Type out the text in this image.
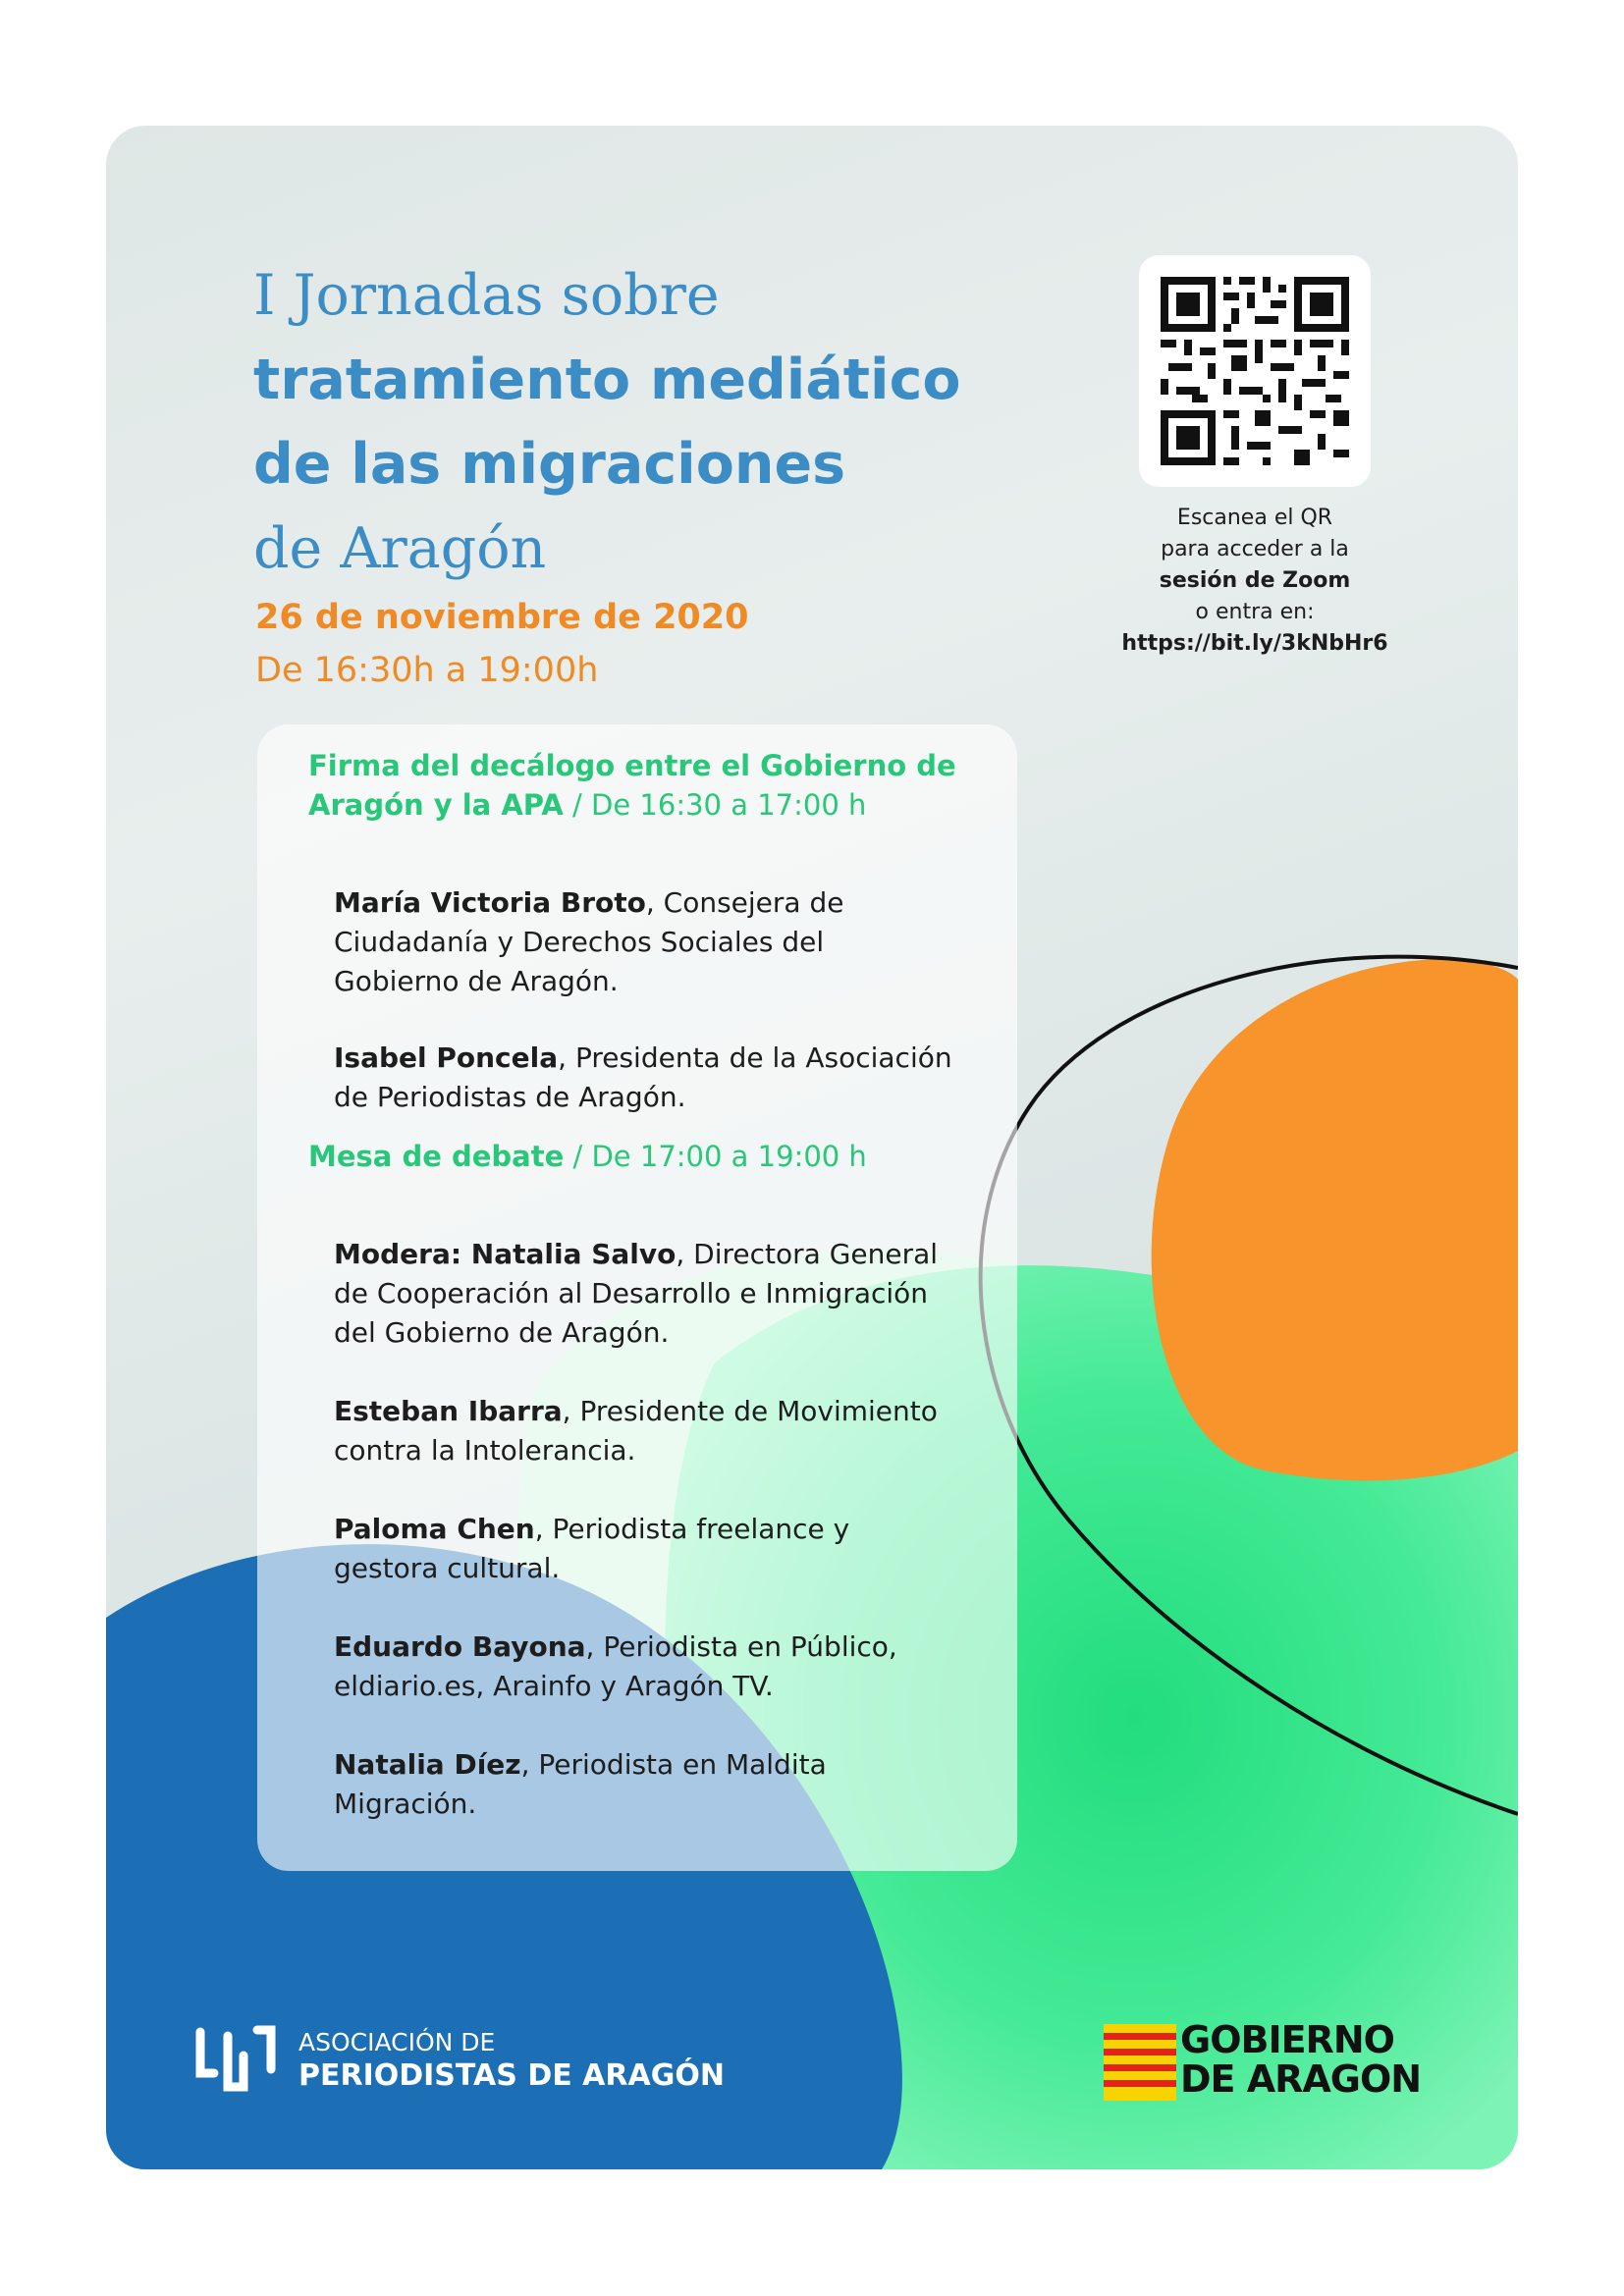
I Jornadas sobre
tratamiento mediático
de las migraciones
de Aragón
26 de noviembre de 2020
De 16:30h a 19:00h
Escanea el QR
para acceder a la
sesión de Zoom
o entra en:
https://bit.ly/3kNbHr6
Firma del decálogo entre el Gobierno de
Aragón y la APA / De 16:30 a 17:00 h
María Victoria Broto, Consejera de
Ciudadanía y Derechos Sociales del
Gobierno de Aragón.
Isabel Poncela, Presidenta de la Asociación
de Periodistas de Aragón.
Mesa de debate / De 17:00 a 19:00 h
Modera: Natalia Salvo, Directora General
de Cooperación al Desarrollo e Inmigración
del Gobierno de Aragón.
Esteban Ibarra, Presidente de Movimiento
contra la Intolerancia.
Paloma Chen, Periodista freelance y
gestora cultural.
Eduardo Bayona, Periodista en Público,
eldiario.es, Arainfo y Aragón TV.
Natalia Díez, Periodista en Maldita
Migración.
ASOCIACIÓN DE
PERIODISTAS DE ARAGÓN
GOBIERNO
DE ARAGON
